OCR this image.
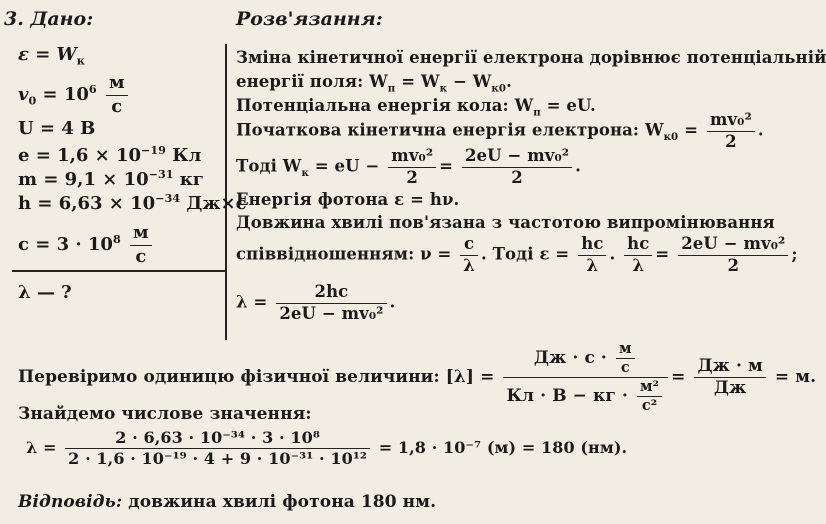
3. Дано:	Розв'язання:
$\varepsilon = W_к$
$v_0 = 10^6 \frac{м}{с}$
U = 4 В
$e = 1,6 \times 10^{-19}$ Кл
$m = 9,1 \times 10^{-31}$ кг
$h = 6,63 \times 10^{-34}$ Дж×с
$c = 3 \cdot 10^8 \frac{м}{с}$
λ — ?
Зміна кінетичної енергії електрона дорівнює потенціальній
енергії поля: $W_п = W_к - W_{к0}$.
Потенціальна енергія кола: $W_п$ = eU.
Початкова кінетична енергія електрона: $W_{к0} = \frac{\text{mv₀²}}{2}$ .
Тоді $W_к$ = eU − $\frac{\text{mv₀²}}{2} = \frac{\text{2eU − mv₀²}}{2}$ .
Енергія фотона ε = hν.
Довжина хвилі пов'язана з частотою випромінювання
співвідношенням: $\nu = \frac{c}{\lambda}$ . Тоді $\varepsilon = \frac{hc}{\lambda}$ . $\frac{hc}{\lambda} = \frac{\text{2eU − mv₀²}}{2}$ ;
$\lambda = \frac{2hc}{\text{2eU − mv₀²}}$ .
Перевіримо одиницю фізичної величини: $[\lambda] = \frac{Дж \cdot с \cdot \frac{м}{с}}{Кл \cdot В - кг \cdot \frac{\text{м²}}{\text{с²}}} = \frac{Дж \cdot м}{Дж} = м$.
Знайдемо числове значення:
$\lambda = \frac{\text{2 · 6,63 · 10⁻³⁴ · 3 · 10⁸}}{\text{2 · 1,6 · 10⁻¹⁹ · 4 + 9 · 10⁻³¹ · 10¹²}} = 1,8 \cdot 10^{-7}$ (м) = 180 (нм).
Відповідь: довжина хвилі фотона 180 нм.
